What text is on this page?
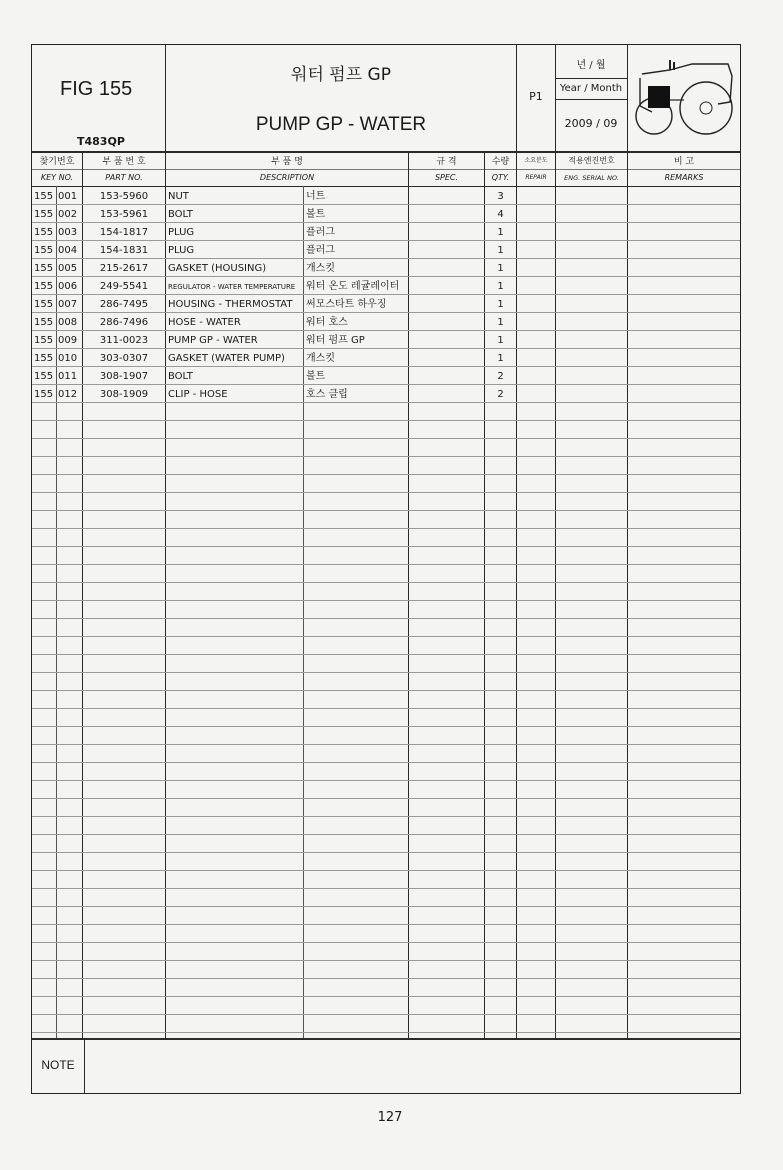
FIG 155
T483QP
워터 펌프 GP
PUMP GP - WATER
P1
년 / 월
Year / Month
2009 / 09
찾기번호
KEY NO.
부 품 번 호
PART NO.
부 품 명
DESCRIPTION
규 격
SPEC.
수량
QTY.
소요분도
REPAIR
적용엔진번호
ENG. SERIAL NO.
비 고
REMARKS
155 001	153-5960	NUT	너트	3
155 002	153-5961	BOLT	볼트	4
155 003	154-1817	PLUG	플러그	1
155 004	154-1831	PLUG	플러그	1
155 005	215-2617	GASKET (HOUSING)	개스킷	1
155 006	249-5541	REGULATOR - WATER TEMPERATURE	워터 온도 레귤레이터	1
155 007	286-7495	HOUSING - THERMOSTAT	써모스타트 하우징	1
155 008	286-7496	HOSE - WATER	워터 호스	1
155 009	311-0023	PUMP GP - WATER	워터 펌프 GP	1
155 010	303-0307	GASKET (WATER PUMP)	개스킷	1
155 011	308-1907	BOLT	볼트	2
155 012	308-1909	CLIP - HOSE	호스 클립	2
NOTE
127
